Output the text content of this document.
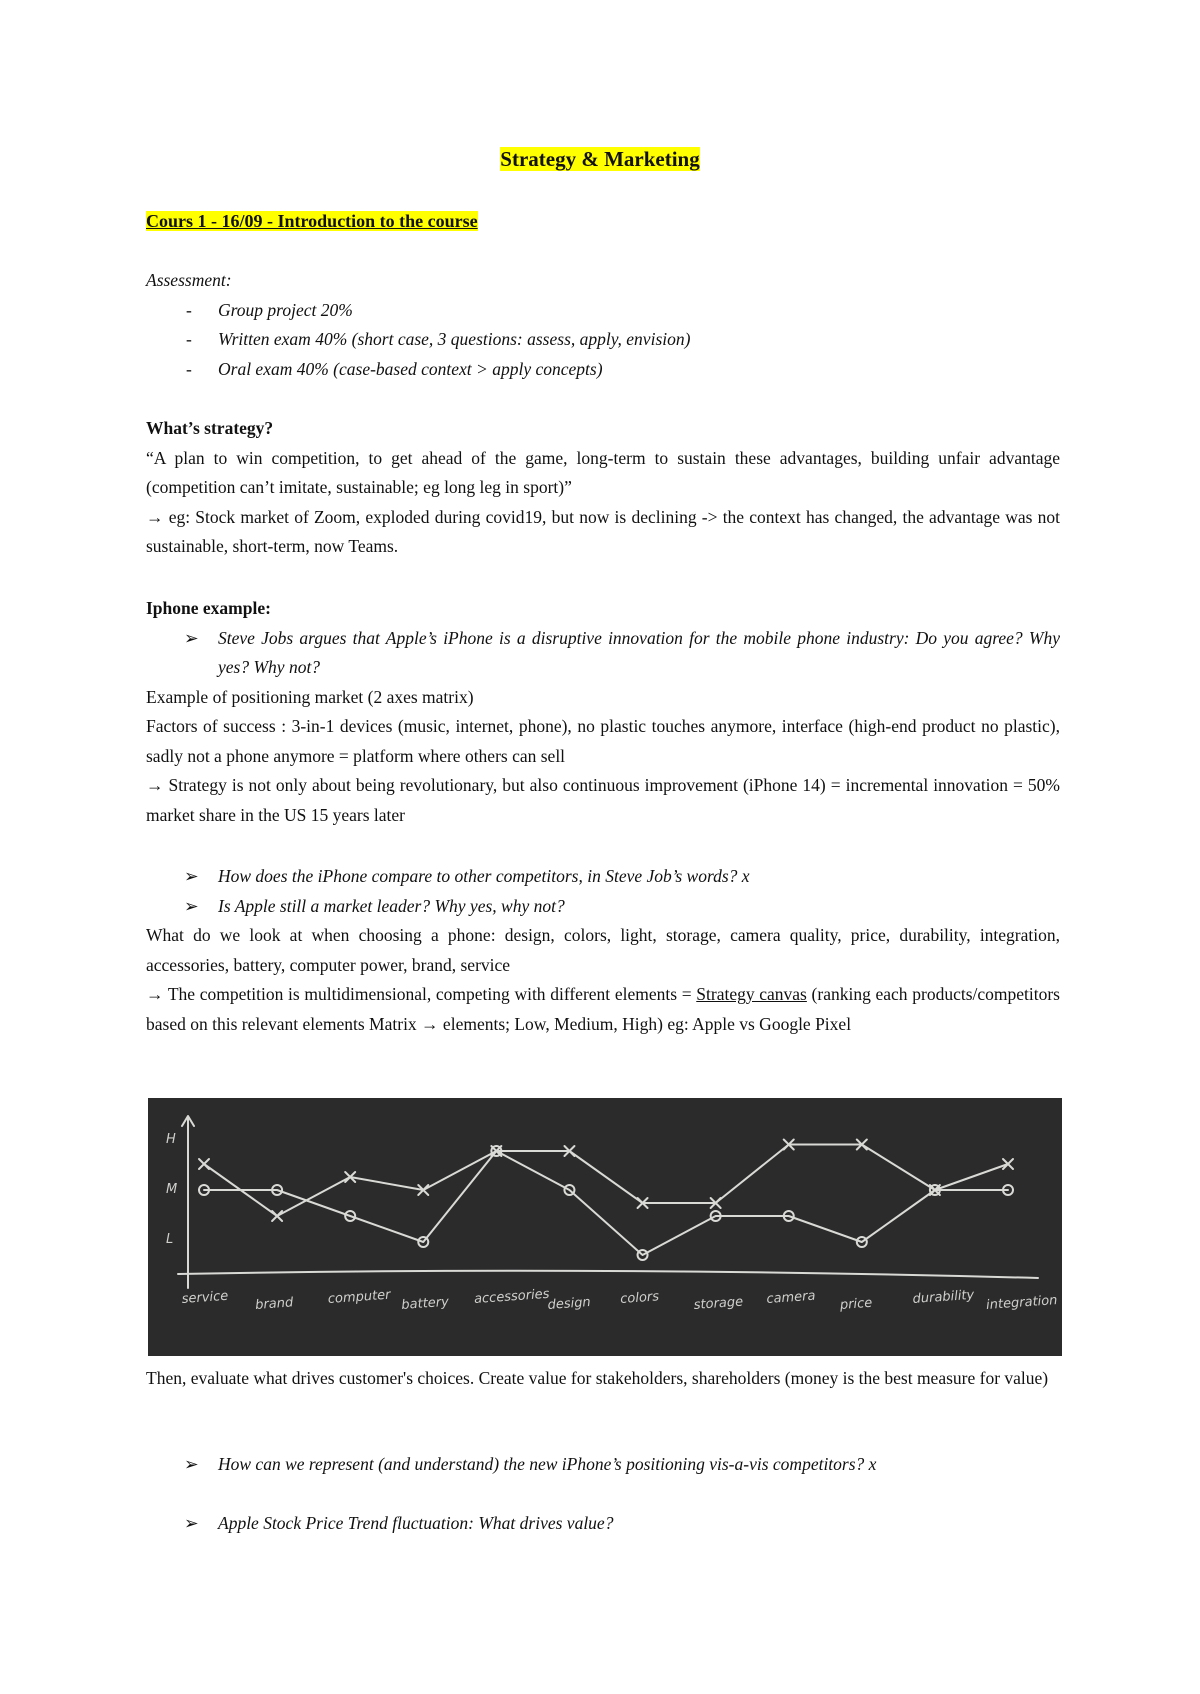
Strategy & Marketing
Cours 1 - 16/09 - Introduction to the course
Assessment:
- Group project 20%
- Written exam 40% (short case, 3 questions: assess, apply, envision)
- Oral exam 40% (case-based context > apply concepts)
What’s strategy?
“A plan to win competition, to get ahead of the game, long-term to sustain these advantages, building unfair advantage (competition can’t imitate, sustainable; eg long leg in sport)”
→ eg: Stock market of Zoom, exploded during covid19, but now is declining -> the context has changed, the advantage was not sustainable, short-term, now Teams.
Iphone example:
➢ Steve Jobs argues that Apple’s iPhone is a disruptive innovation for the mobile phone industry: Do you agree? Why yes? Why not?
Example of positioning market (2 axes matrix)
Factors of success : 3-in-1 devices (music, internet, phone), no plastic touches anymore, interface (high-end product no plastic), sadly not a phone anymore = platform where others can sell
→ Strategy is not only about being revolutionary, but also continuous improvement (iPhone 14) = incremental innovation = 50% market share in the US 15 years later
➢ How does the iPhone compare to other competitors, in Steve Job’s words? x
➢ Is Apple still a market leader? Why yes, why not?
What do we look at when choosing a phone: design, colors, light, storage, camera quality, price, durability, integration, accessories, battery, computer power, brand, service
→ The competition is multidimensional, competing with different elements = Strategy canvas (ranking each products/competitors based on this relevant elements Matrix → elements; Low, Medium, High) eg: Apple vs Google Pixel
H
M
L
service brand	computer battery accessories
design colors	storage camera price	durability integration
Then, evaluate what drives customer's choices. Create value for stakeholders, shareholders (money is the best measure for value)
➢ How can we represent (and understand) the new iPhone’s positioning vis-a-vis competitors? x
➢ Apple Stock Price Trend fluctuation: What drives value?
